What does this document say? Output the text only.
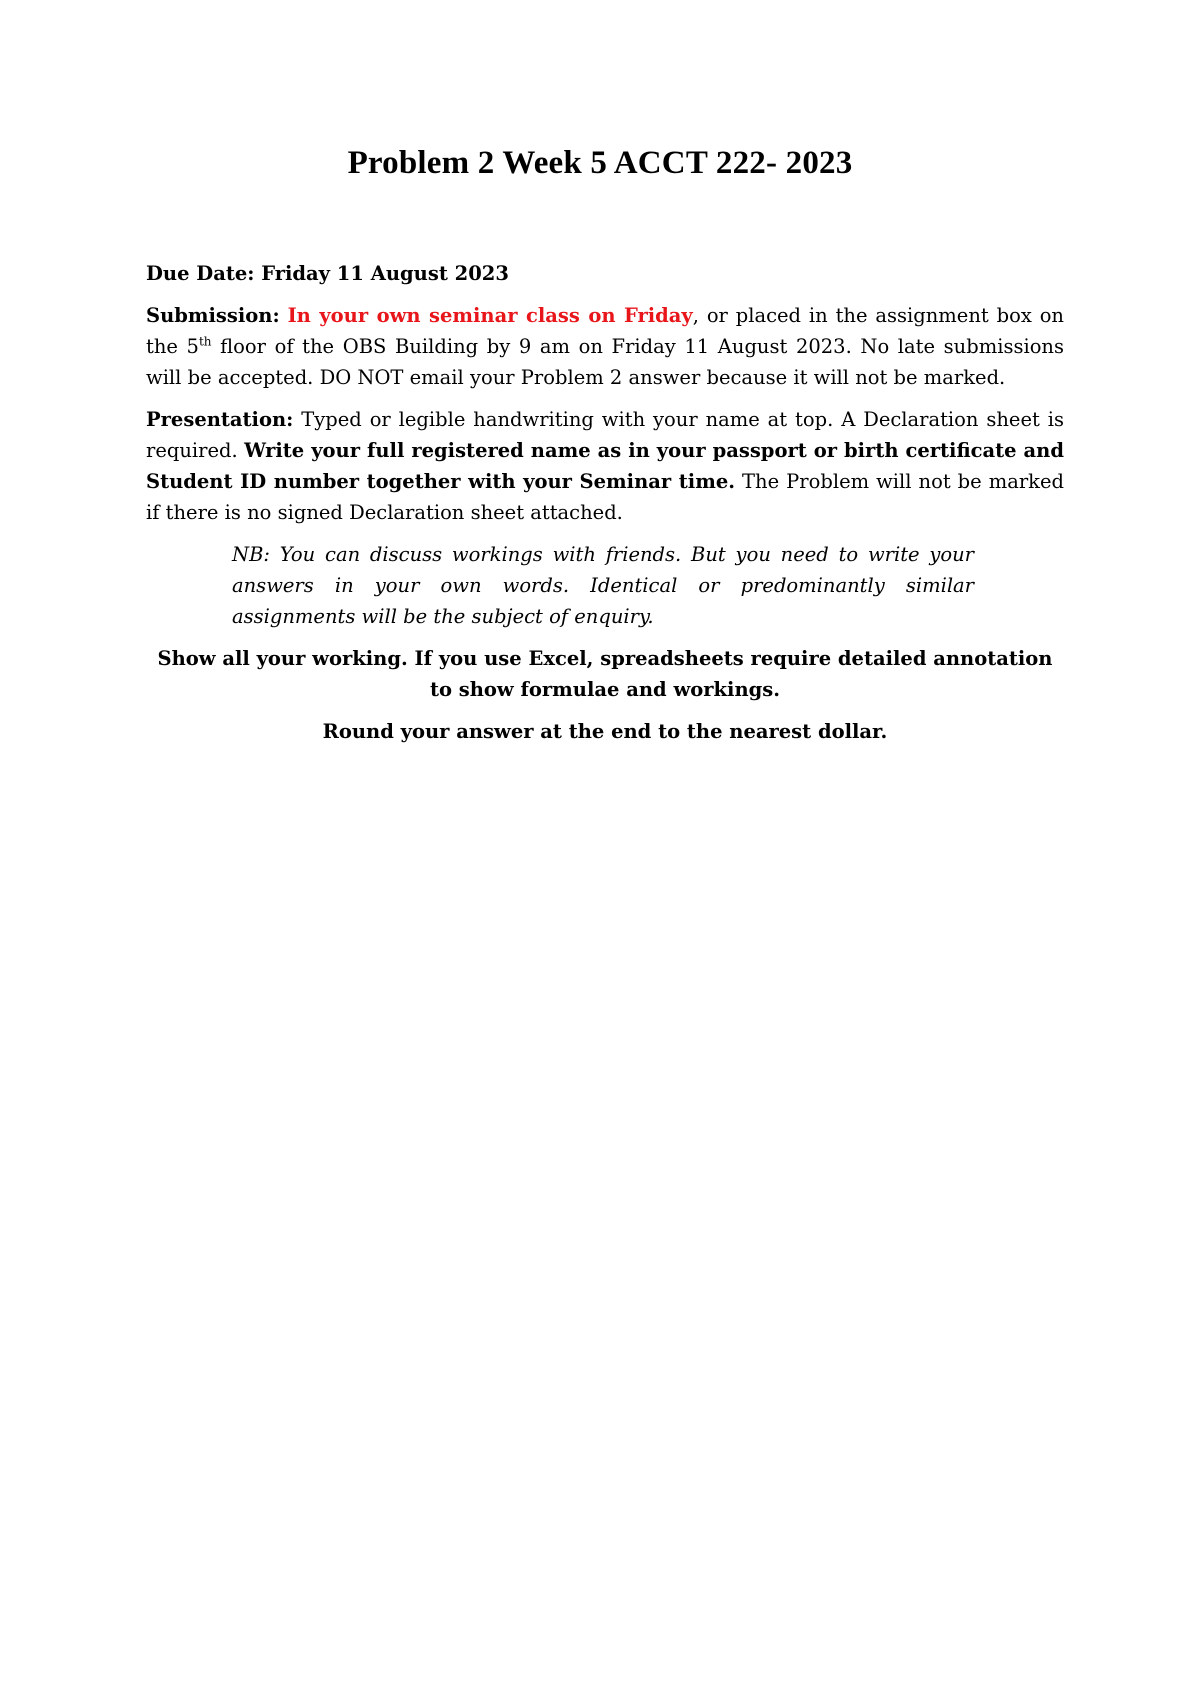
Problem 2 Week 5 ACCT 222- 2023

Due Date: Friday 11 August 2023

Submission: In your own seminar class on Friday, or placed in the assignment box on the 5th floor of the OBS Building by 9 am on Friday 11 August 2023. No late submissions will be accepted. DO NOT email your Problem 2 answer because it will not be marked.

Presentation: Typed or legible handwriting with your name at top. A Declaration sheet is required. Write your full registered name as in your passport or birth certificate and Student ID number together with your Seminar time. The Problem will not be marked if there is no signed Declaration sheet attached.

NB: You can discuss workings with friends. But you need to write your answers in your own words. Identical or predominantly similar assignments will be the subject of enquiry.

Show all your working. If you use Excel, spreadsheets require detailed annotation to show formulae and workings.

Round your answer at the end to the nearest dollar.
